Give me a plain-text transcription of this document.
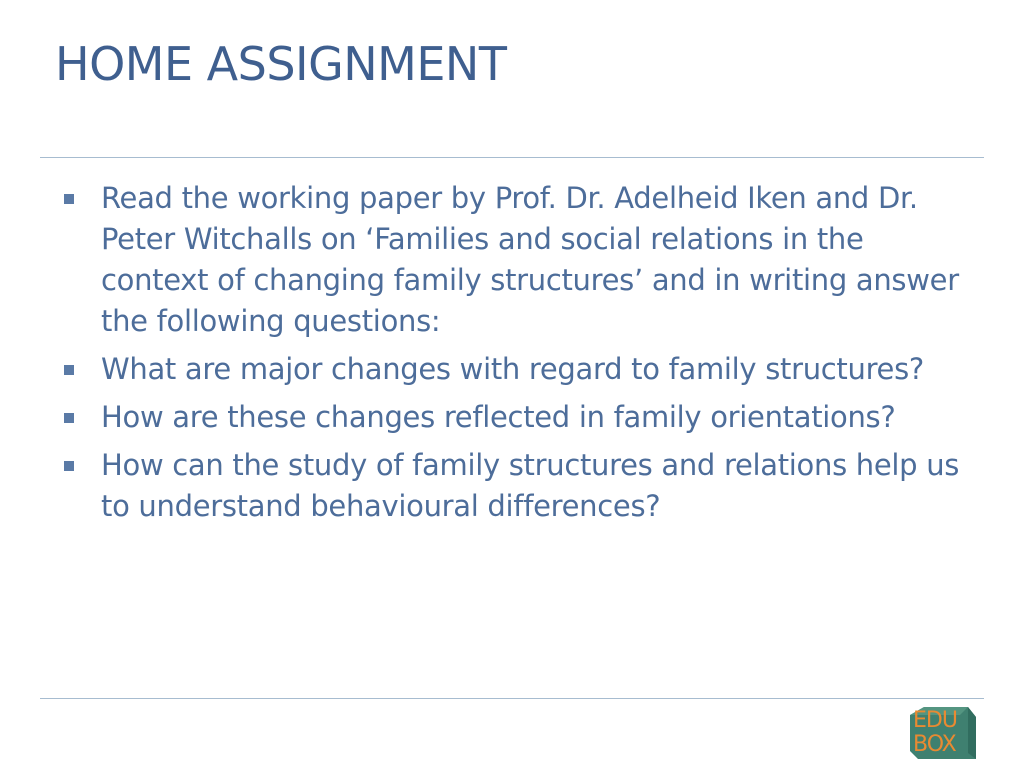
HOME ASSIGNMENT
Read the working paper by Prof. Dr. Adelheid Iken and Dr. Peter Witchalls on ‘Families and social relations in the context of changing family structures’ and in writing answer the following questions:
What are major changes with regard to family structures?
How are these changes reflected in family orientations?
How can the study of family structures and relations help us to understand behavioural differences?
EDU
BOX
